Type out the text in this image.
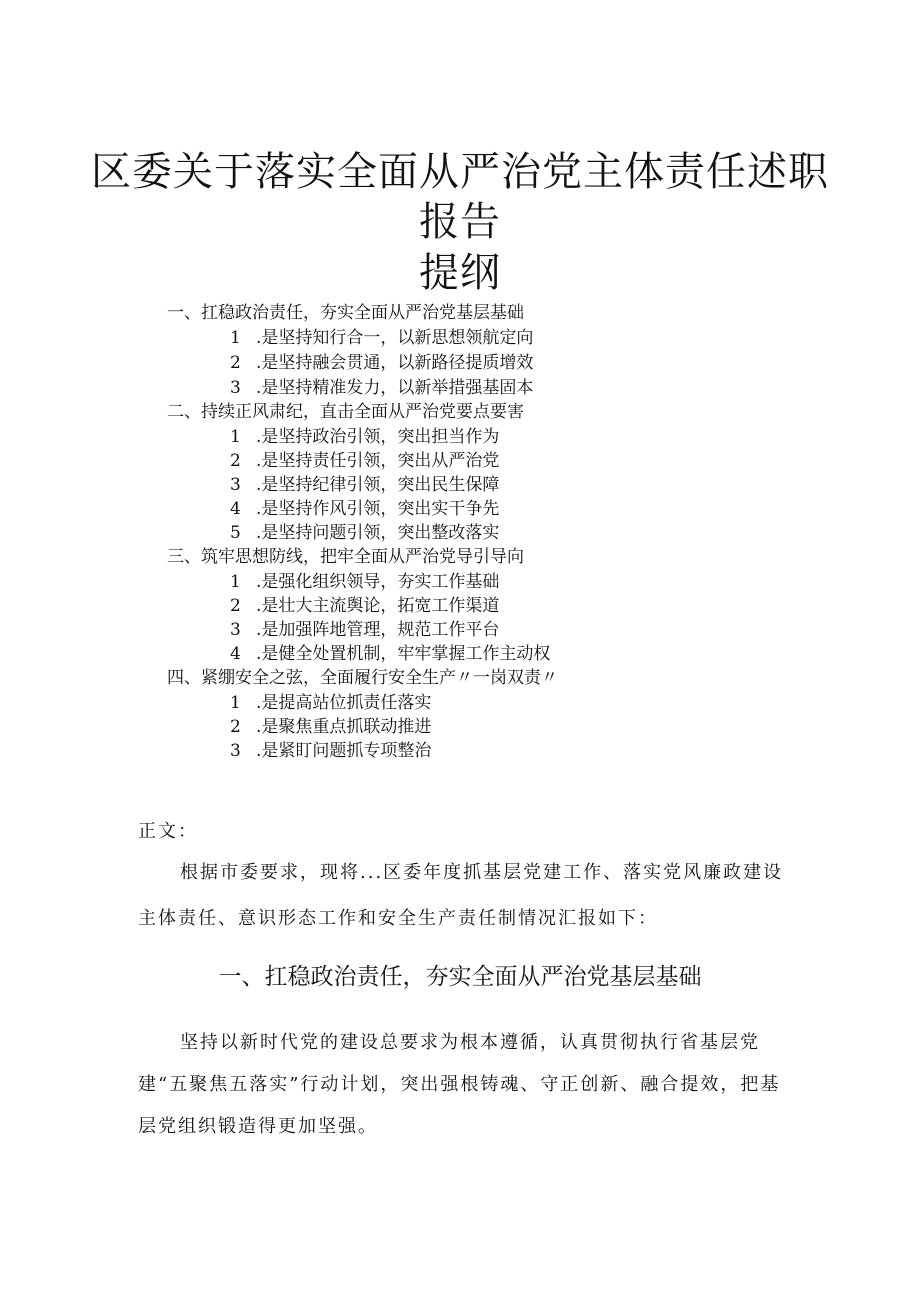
区委关于落实全面从严治党主体责任述职
报告
提纲
一、扛稳政治责任，夯实全面从严治党基层基础
1 .是坚持知行合一，以新思想领航定向
2 .是坚持融会贯通，以新路径提质增效
3 .是坚持精准发力，以新举措强基固本
二、持续正风肃纪，直击全面从严治党要点要害
1 .是坚持政治引领，突出担当作为
2 .是坚持责任引领，突出从严治党
3 .是坚持纪律引领，突出民生保障
4 .是坚持作风引领，突出实干争先
5 .是坚持问题引领，突出整改落实
三、筑牢思想防线，把牢全面从严治党导引导向
1 .是强化组织领导，夯实工作基础
2 .是壮大主流舆论，拓宽工作渠道
3 .是加强阵地管理，规范工作平台
4 .是健全处置机制，牢牢掌握工作主动权
四、紧绷安全之弦，全面履行安全生产〃一岗双责〃
1 .是提高站位抓责任落实
2 .是聚焦重点抓联动推进
3 .是紧盯问题抓专项整治
正文：
根据市委要求，现将...区委年度抓基层党建工作、落实党风廉政建设主体责任、意识形态工作和安全生产责任制情况汇报如下：
一、扛稳政治责任，夯实全面从严治党基层基础
坚持以新时代党的建设总要求为根本遵循，认真贯彻执行省基层党建“五聚焦五落实”行动计划，突出强根铸魂、守正创新、融合提效，把基层党组织锻造得更加坚强。
